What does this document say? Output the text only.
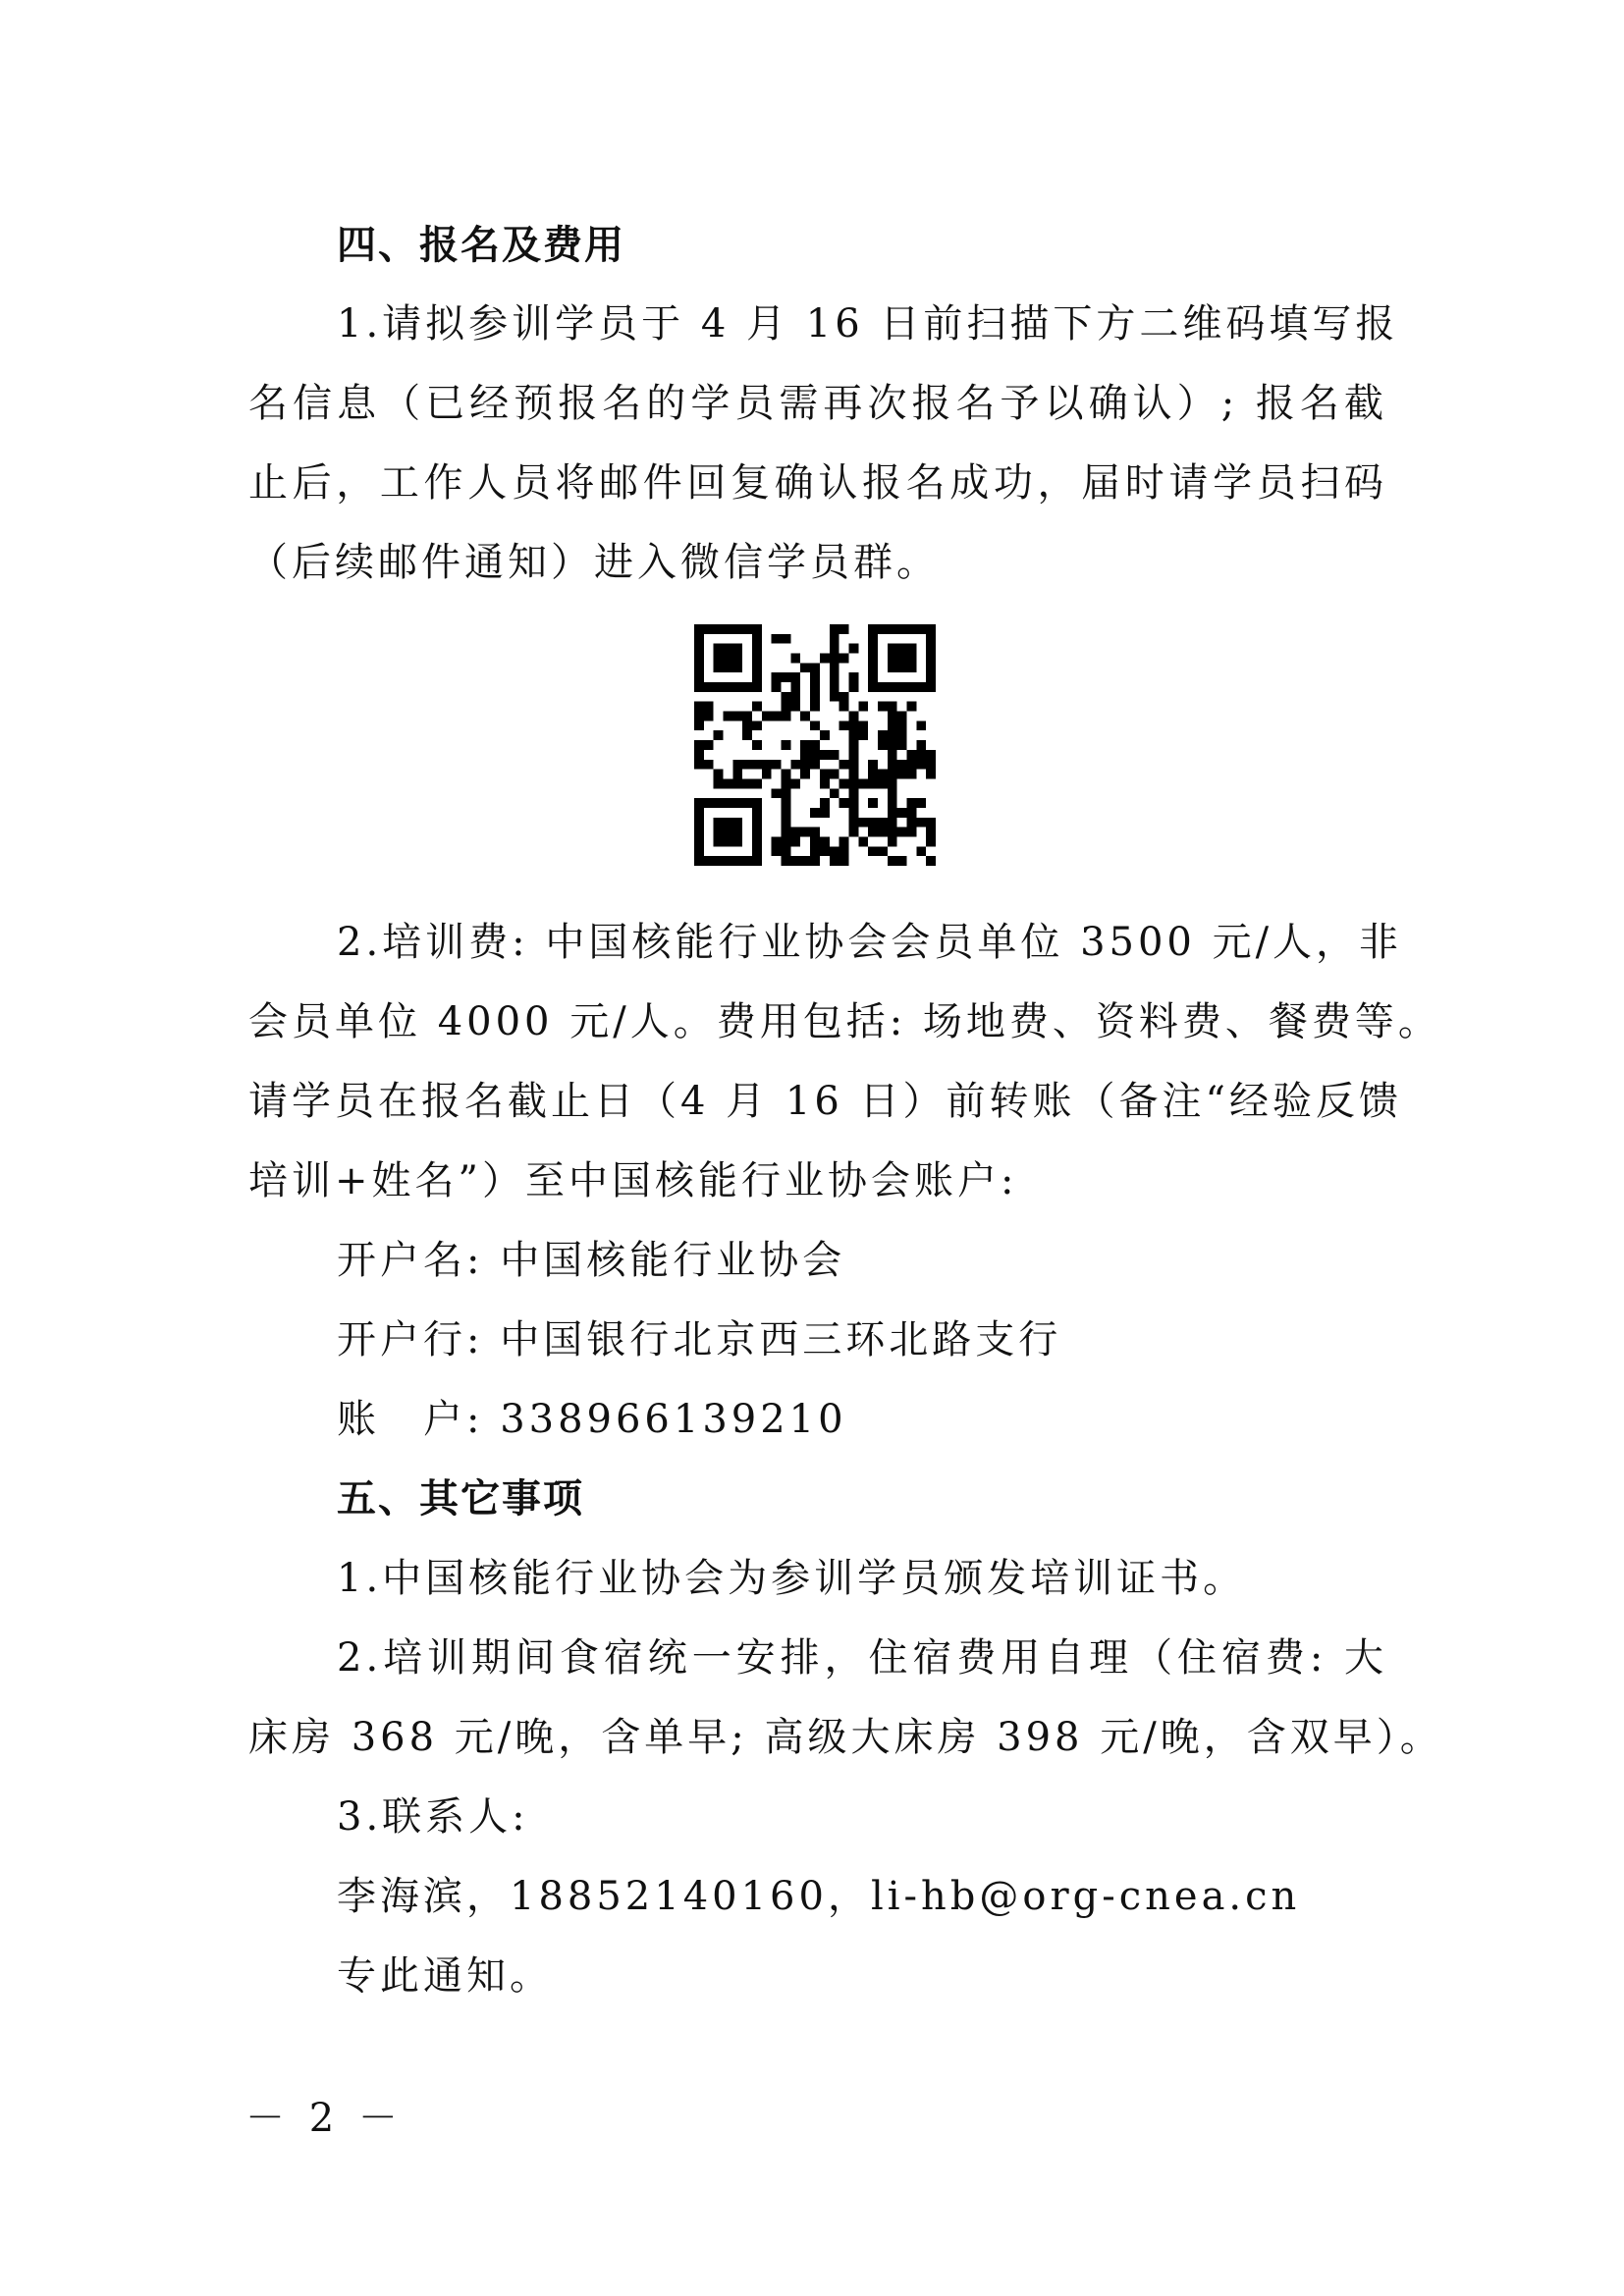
四、报名及费用
1.请拟参训学员于 4 月 16 日前扫描下方二维码填写报
名信息（已经预报名的学员需再次报名予以确认）; 报名截
止后，工作人员将邮件回复确认报名成功，届时请学员扫码
（后续邮件通知）进入微信学员群。
2.培训费: 中国核能行业协会会员单位 3500 元/人，非
会员单位 4000 元/人。费用包括: 场地费、资料费、餐费等。
请学员在报名截止日（4 月 16 日）前转账（备注“经验反馈
培训+姓名”）至中国核能行业协会账户:
开户名: 中国核能行业协会
开户行: 中国银行北京西三环北路支行
账　户: 338966139210
五、其它事项
1.中国核能行业协会为参训学员颁发培训证书。
2.培训期间食宿统一安排，住宿费用自理（住宿费: 大
床房 368 元/晚，含单早; 高级大床房 398 元/晚，含双早）。
3.联系人:
李海滨，18852140160，li-hb@org-cnea.cn
专此通知。
－ 2 －
